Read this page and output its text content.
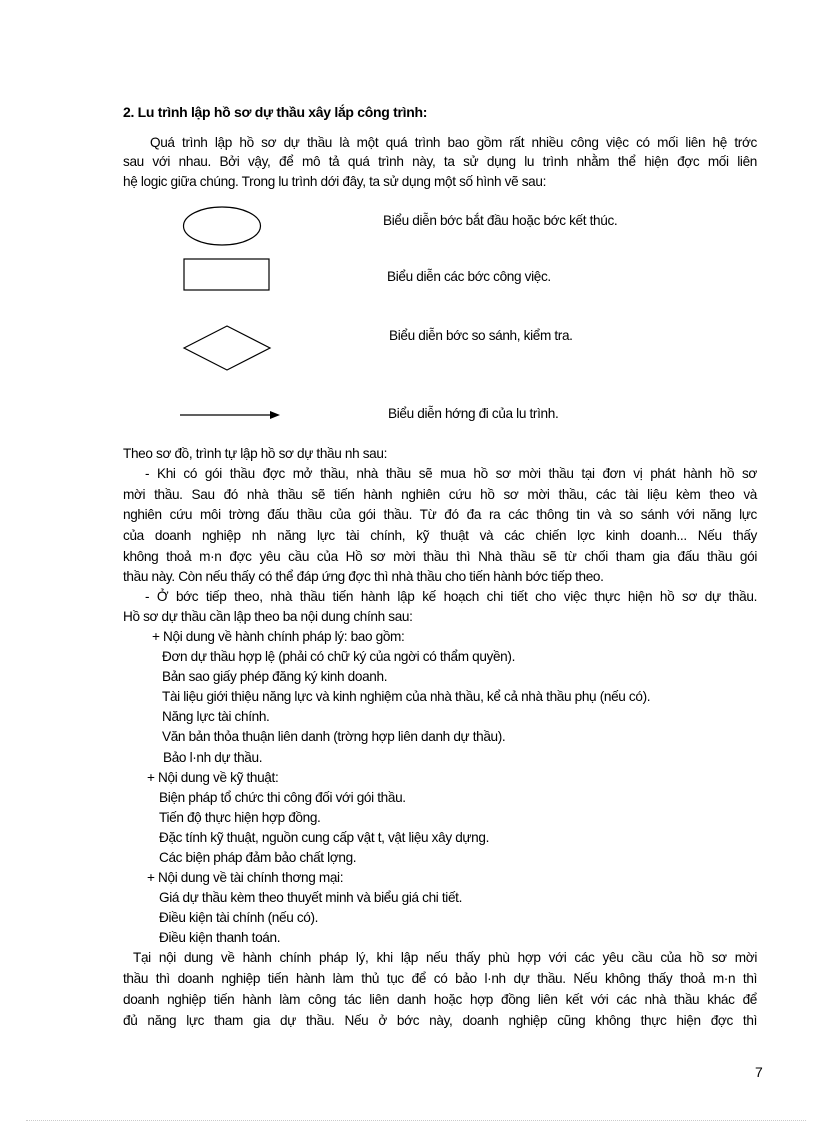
2. Lu trình lập hồ sơ dự thầu xây lắp công trình:
Quá trình lập hồ sơ dự thầu là một quá trình bao gồm rất nhiều công việc có mối liên hệ trớc
sau với nhau. Bởi vậy, để mô tả quá trình này, ta sử dụng lu trình nhằm thể hiện đợc mối liên
hệ logic giữa chúng. Trong lu trình dới đây, ta sử dụng một số hình vẽ sau:
Biểu diễn bớc bắt đầu hoặc bớc kết thúc.
Biểu diễn các bớc công việc.
Biểu diễn bớc so sánh, kiểm tra.
Biểu diễn hớng đi của lu trình.
Theo sơ đồ, trình tự lập hồ sơ dự thầu nh sau:
- Khi có gói thầu đợc mở thầu, nhà thầu sẽ mua hồ sơ mời thầu tại đơn vị phát hành hồ sơ
mời thầu. Sau đó nhà thầu sẽ tiến hành nghiên cứu hồ sơ mời thầu, các tài liệu kèm theo và
nghiên cứu môi trờng đấu thầu của gói thầu. Từ đó đa ra các thông tin và so sánh với năng lực
của doanh nghiệp nh năng lực tài chính, kỹ thuật và các chiến lợc kinh doanh... Nếu thấy
không thoả m·n đợc yêu cầu của Hồ sơ mời thầu thì Nhà thầu sẽ từ chối tham gia đấu thầu gói
thầu này. Còn nếu thấy có thể đáp ứng đợc thì nhà thầu cho tiến hành bớc tiếp theo.
- Ở bớc tiếp theo, nhà thầu tiến hành lập kế hoạch chi tiết cho việc thực hiện hồ sơ dự thầu.
Hồ sơ dự thầu cần lập theo ba nội dung chính sau:
+ Nội dung về hành chính pháp lý: bao gồm:
Đơn dự thầu hợp lệ (phải có chữ ký của ngời có thẩm quyền).
Bản sao giấy phép đăng ký kinh doanh.
Tài liệu giới thiệu năng lực và kinh nghiệm của nhà thầu, kể cả nhà thầu phụ (nếu có).
Năng lực tài chính.
Văn bản thỏa thuận liên danh (trờng hợp liên danh dự thầu).
Bảo l·nh dự thầu.
+ Nội dung về kỹ thuật:
Biện pháp tổ chức thi công đối với gói thầu.
Tiến độ thực hiện hợp đồng.
Đặc tính kỹ thuật, nguồn cung cấp vật t, vật liệu xây dựng.
Các biện pháp đảm bảo chất lợng.
+ Nội dung về tài chính thơng mại:
Giá dự thầu kèm theo thuyết minh và biểu giá chi tiết.
Điều kiện tài chính (nếu có).
Điều kiện thanh toán.
Tại nội dung về hành chính pháp lý, khi lập nếu thấy phù hợp với các yêu cầu của hồ sơ mời
thầu thì doanh nghiệp tiến hành làm thủ tục để có bảo l·nh dự thầu. Nếu không thấy thoả m·n thì
doanh nghiệp tiến hành làm công tác liên danh hoặc hợp đồng liên kết với các nhà thầu khác để
đủ năng lực tham gia dự thầu. Nếu ở bớc này, doanh nghiệp cũng không thực hiện đợc thì
7
